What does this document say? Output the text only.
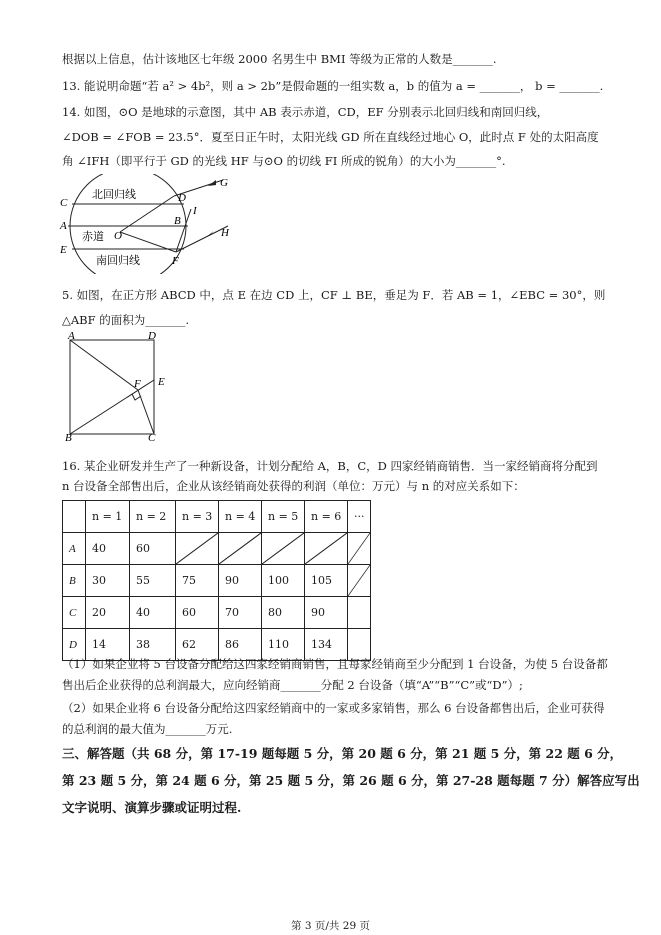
根据以上信息，估计该地区七年级 2000 名男生中 BMI 等级为正常的人数是_______.
13. 能说明命题“若 a² > 4b²，则 a > 2b”是假命题的一组实数 a，b 的值为 a = _______， b = _______.
14. 如图，⊙O 是地球的示意图，其中 AB 表示赤道，CD，EF 分别表示北回归线和南回归线，
∠DOB = ∠FOB = 23.5°．夏至日正午时，太阳光线 GD 所在直线经过地心 O，此时点 F 处的太阳高度
角 ∠IFH（即平行于 GD 的光线 HF 与⊙O 的切线 FI 所成的锐角）的大小为_______°.
C	D
G
A	B
I
O	H
E
F
北回归线
赤道
南回归线
5. 如图，在正方形 ABCD 中，点 E 在边 CD 上，CF ⊥ BE，垂足为 F．若 AB = 1，∠EBC = 30°，则
△ABF 的面积为_______.
A	D
F E
B	C
16. 某企业研发并生产了一种新设备，计划分配给 A，B，C，D 四家经销商销售．当一家经销商将分配到
n 台设备全部售出后，企业从该经销商处获得的利润（单位：万元）与 n 的对应关系如下：
	n = 1	n = 2	n = 3	n = 4	n = 5	n = 6	···
A	40	60	

B	30	55	75	90	100	105	

C	20	40	60	70	80	90	
D	14	38	62	86	110	134	
（1）如果企业将 5 台设备分配给这四家经销商销售，且每家经销商至少分配到 1 台设备，为使 5 台设备都
售出后企业获得的总利润最大，应向经销商_______分配 2 台设备（填“A”“B”“C”或“D”）;
（2）如果企业将 6 台设备分配给这四家经销商中的一家或多家销售，那么 6 台设备都售出后，企业可获得
的总利润的最大值为_______万元.
三、解答题（共 68 分，第 17-19 题每题 5 分，第 20 题 6 分，第 21 题 5 分，第 22 题 6 分，
第 23 题 5 分，第 24 题 6 分，第 25 题 5 分，第 26 题 6 分，第 27-28 题每题 7 分）解答应写出
文字说明、演算步骤或证明过程.
第 3 页/共 29 页
